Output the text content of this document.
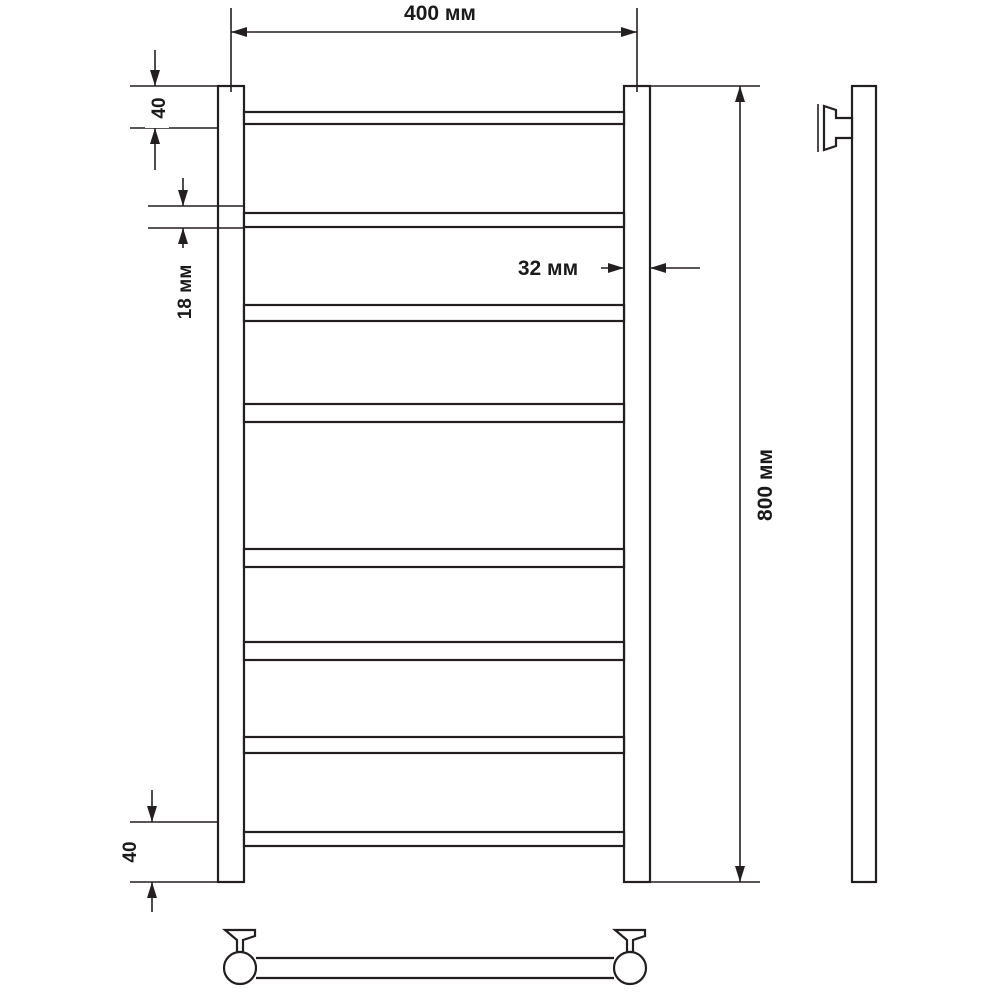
400 мм
800 мм
32 мм
40
18 мм
40
